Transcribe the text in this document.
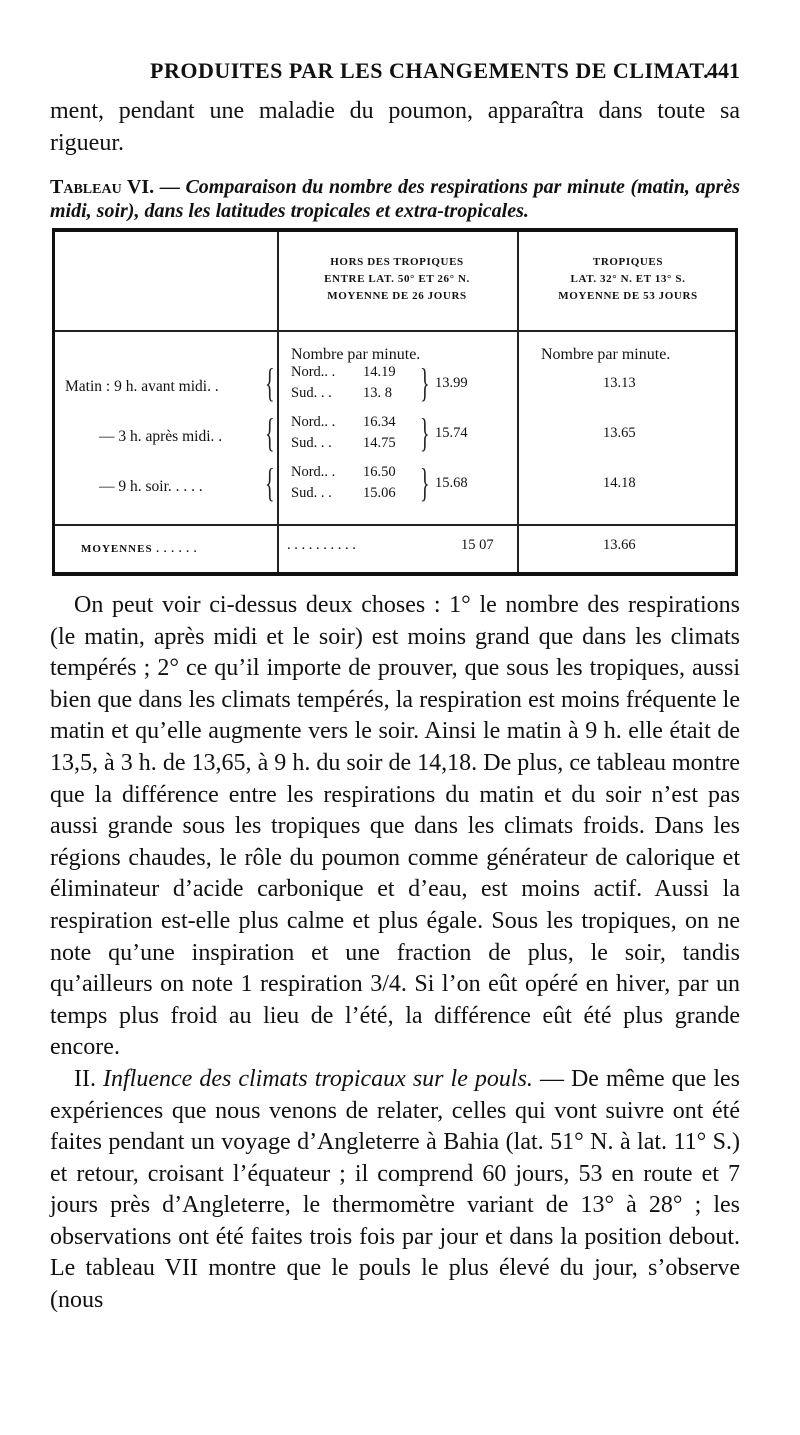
PRODUITES PAR LES CHANGEMENTS DE CLIMAT.
441

ment, pendant une maladie du poumon, apparaîtra dans toute sa rigueur.

Tableau VI. — Comparaison du nombre des respirations par minute (matin, après midi, soir), dans les latitudes tropicales et extra-tropicales.

HORS DES TROPIQUES
ENTRE LAT. 50° ET 26° N.
MOYENNE DE 26 JOURS
TROPIQUES
LAT. 32° N. ET 13° S.
MOYENNE DE 53 JOURS
Nombre par minute.	Nombre par minute.
Matin : 9 h. avant midi. . { Nord.. . 14.19
Sud. . . 13. 8 } 13.99	13.13
— 3 h. après midi. . { Nord.. . 16.34
Sud. . . 14.75 } 15.74	13.65
— 9 h. soir. . . . . { Nord.. . 16.50
Sud. . . 15.06 } 15.68	14.18
MOYENNES . . . . . .	. . . . . . . . . .	15 07	13.66

On peut voir ci-dessus deux choses : 1° le nombre des respirations (le matin, après midi et le soir) est moins grand que dans les climats tempérés ; 2° ce qu’il importe de prouver, que sous les tropiques, aussi bien que dans les climats tempérés, la respiration est moins fréquente le matin et qu’elle augmente vers le soir. Ainsi le matin à 9 h. elle était de 13,5, à 3 h. de 13,65, à 9 h. du soir de 14,18. De plus, ce tableau montre que la différence entre les respirations du matin et du soir n’est pas aussi grande sous les tropiques que dans les climats froids. Dans les régions chaudes, le rôle du poumon comme générateur de calorique et éliminateur d’acide carbonique et d’eau, est moins actif. Aussi la respiration est-elle plus calme et plus égale. Sous les tropiques, on ne note qu’une inspiration et une fraction de plus, le soir, tandis qu’ailleurs on note 1 respiration 3/4. Si l’on eût opéré en hiver, par un temps plus froid au lieu de l’été, la différence eût été plus grande encore.

II. Influence des climats tropicaux sur le pouls. — De même que les expériences que nous venons de relater, celles qui vont suivre ont été faites pendant un voyage d’Angleterre à Bahia (lat. 51° N. à lat. 11° S.) et retour, croisant l’équateur ; il comprend 60 jours, 53 en route et 7 jours près d’Angleterre, le thermomètre variant de 13° à 28° ; les observations ont été faites trois fois par jour et dans la position debout. Le tableau VII montre que le pouls le plus élevé du jour, s’observe (nous
